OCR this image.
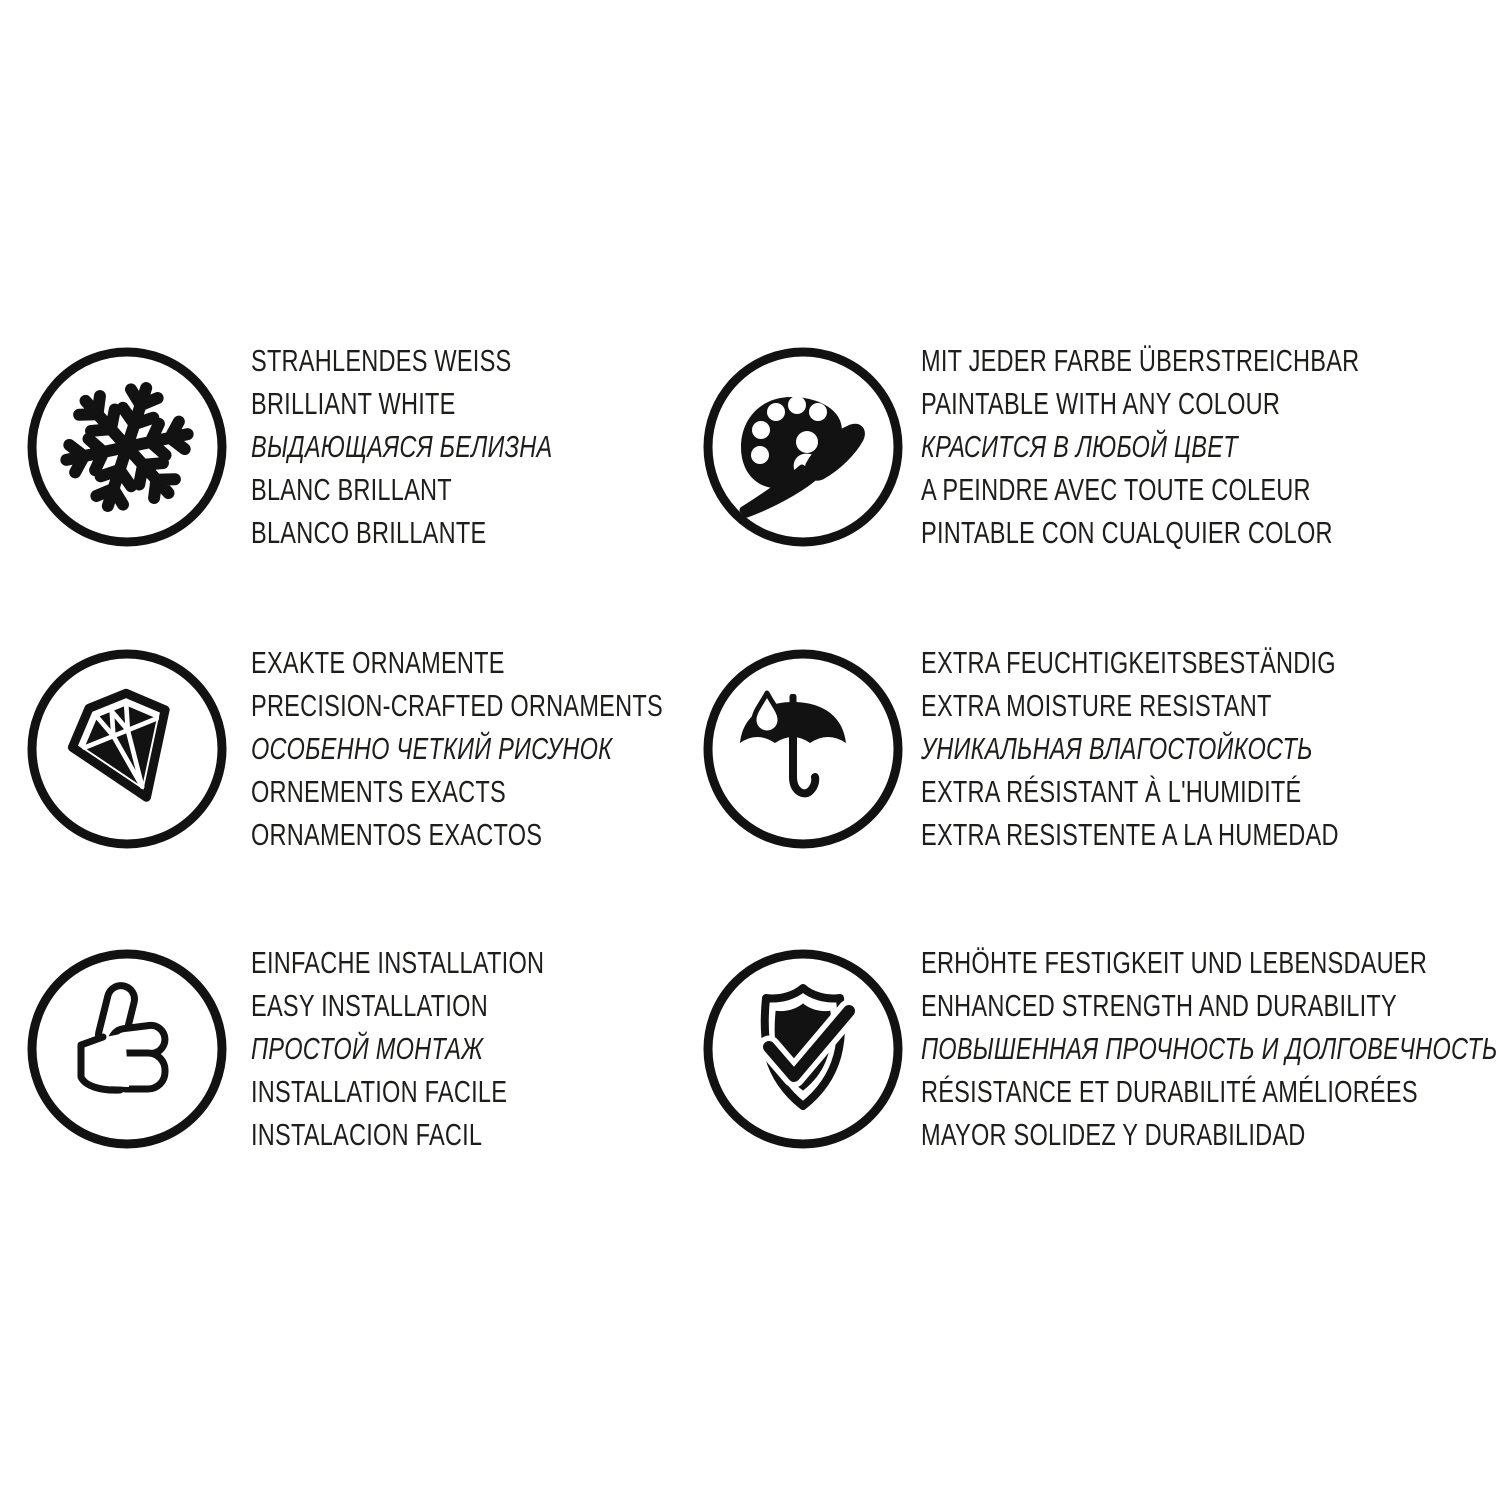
STRAHLENDES WEISS

BRILLIANT WHITE

ВЫДАЮЩАЯСЯ БЕЛИЗНА

BLANC BRILLANT

BLANCO BRILLANTE

MIT JEDER FARBE ÜBERSTREICHBAR

PAINTABLE WITH ANY COLOUR

КРАСИТСЯ В ЛЮБОЙ ЦВЕТ

A PEINDRE AVEC TOUTE COLEUR

PINTABLE CON CUALQUIER COLOR

EXAKTE ORNAMENTE

PRECISION-CRAFTED ORNAMENTS

ОСОБЕННО ЧЕТКИЙ РИСУНОК

ORNEMENTS EXACTS

ORNAMENTOS EXACTOS

EXTRA FEUCHTIGKEITSBESTÄNDIG

EXTRA MOISTURE RESISTANT

УНИКАЛЬНАЯ ВЛАГОСТОЙКОСТЬ

EXTRA RÉSISTANT À L'HUMIDITÉ

EXTRA RESISTENTE A LA HUMEDAD

EINFACHE INSTALLATION

EASY INSTALLATION

ПРОСТОЙ МОНТАЖ

INSTALLATION FACILE

INSTALACION FACIL

ERHÖHTE FESTIGKEIT UND LEBENSDAUER

ENHANCED STRENGTH AND DURABILITY

ПОВЫШЕННАЯ ПРОЧНОСТЬ И ДОЛГОВЕЧНОСТЬ

RÉSISTANCE ET DURABILITÉ AMÉLIORÉES

MAYOR SOLIDEZ Y DURABILIDAD
